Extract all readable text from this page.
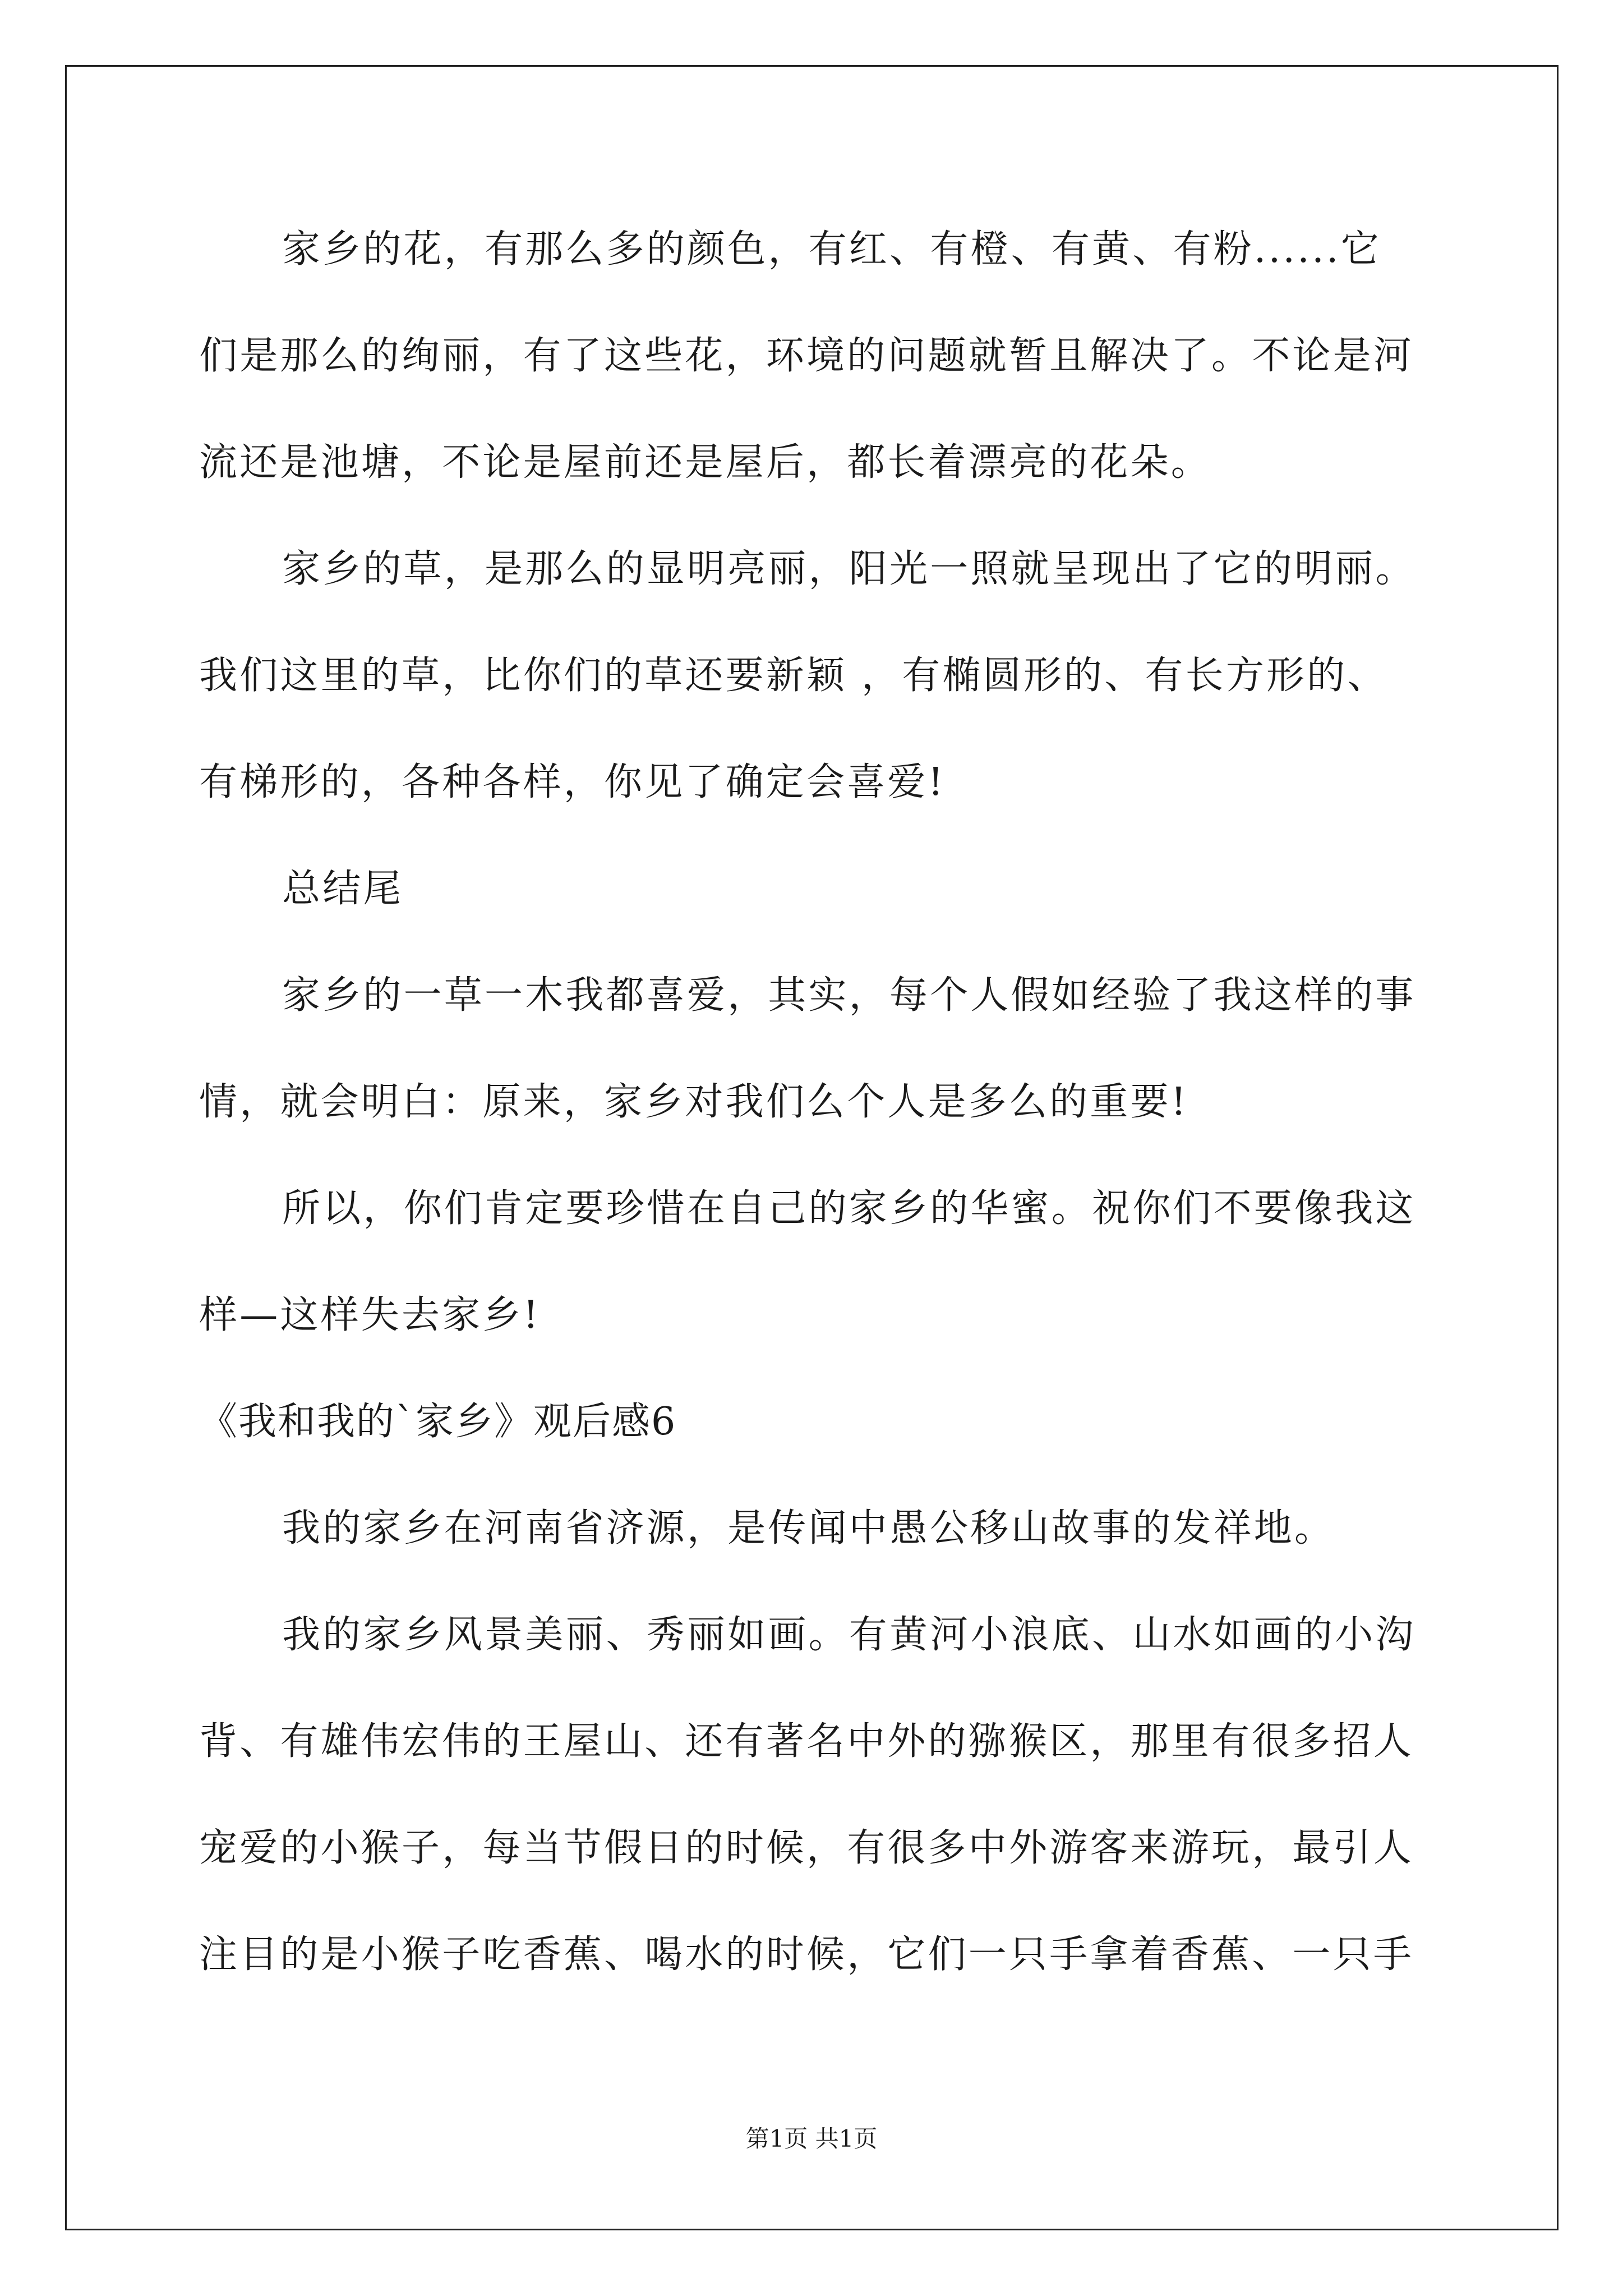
家乡的花，有那么多的颜色，有红、有橙、有黄、有粉......它

们是那么的绚丽，有了这些花，环境的问题就暂且解决了。不论是河

流还是池塘，不论是屋前还是屋后，都长着漂亮的花朵。

家乡的草，是那么的显明亮丽，阳光一照就呈现出了它的明丽。

我们这里的草，比你们的草还要新颖 ，有椭圆形的、有长方形的、

有梯形的，各种各样，你见了确定会喜爱!

总结尾

家乡的一草一木我都喜爱，其实，每个人假如经验了我这样的事

情，就会明白：原来，家乡对我们么个人是多么的重要!

所以，你们肯定要珍惜在自己的家乡的华蜜。祝你们不要像我这

样—这样失去家乡!

《我和我的`家乡》观后感6

我的家乡在河南省济源，是传闻中愚公移山故事的发祥地。

我的家乡风景美丽、秀丽如画。有黄河小浪底、山水如画的小沟

背、有雄伟宏伟的王屋山、还有著名中外的猕猴区，那里有很多招人

宠爱的小猴子，每当节假日的时候，有很多中外游客来游玩，最引人

注目的是小猴子吃香蕉、喝水的时候，它们一只手拿着香蕉、一只手

第1页 共1页
